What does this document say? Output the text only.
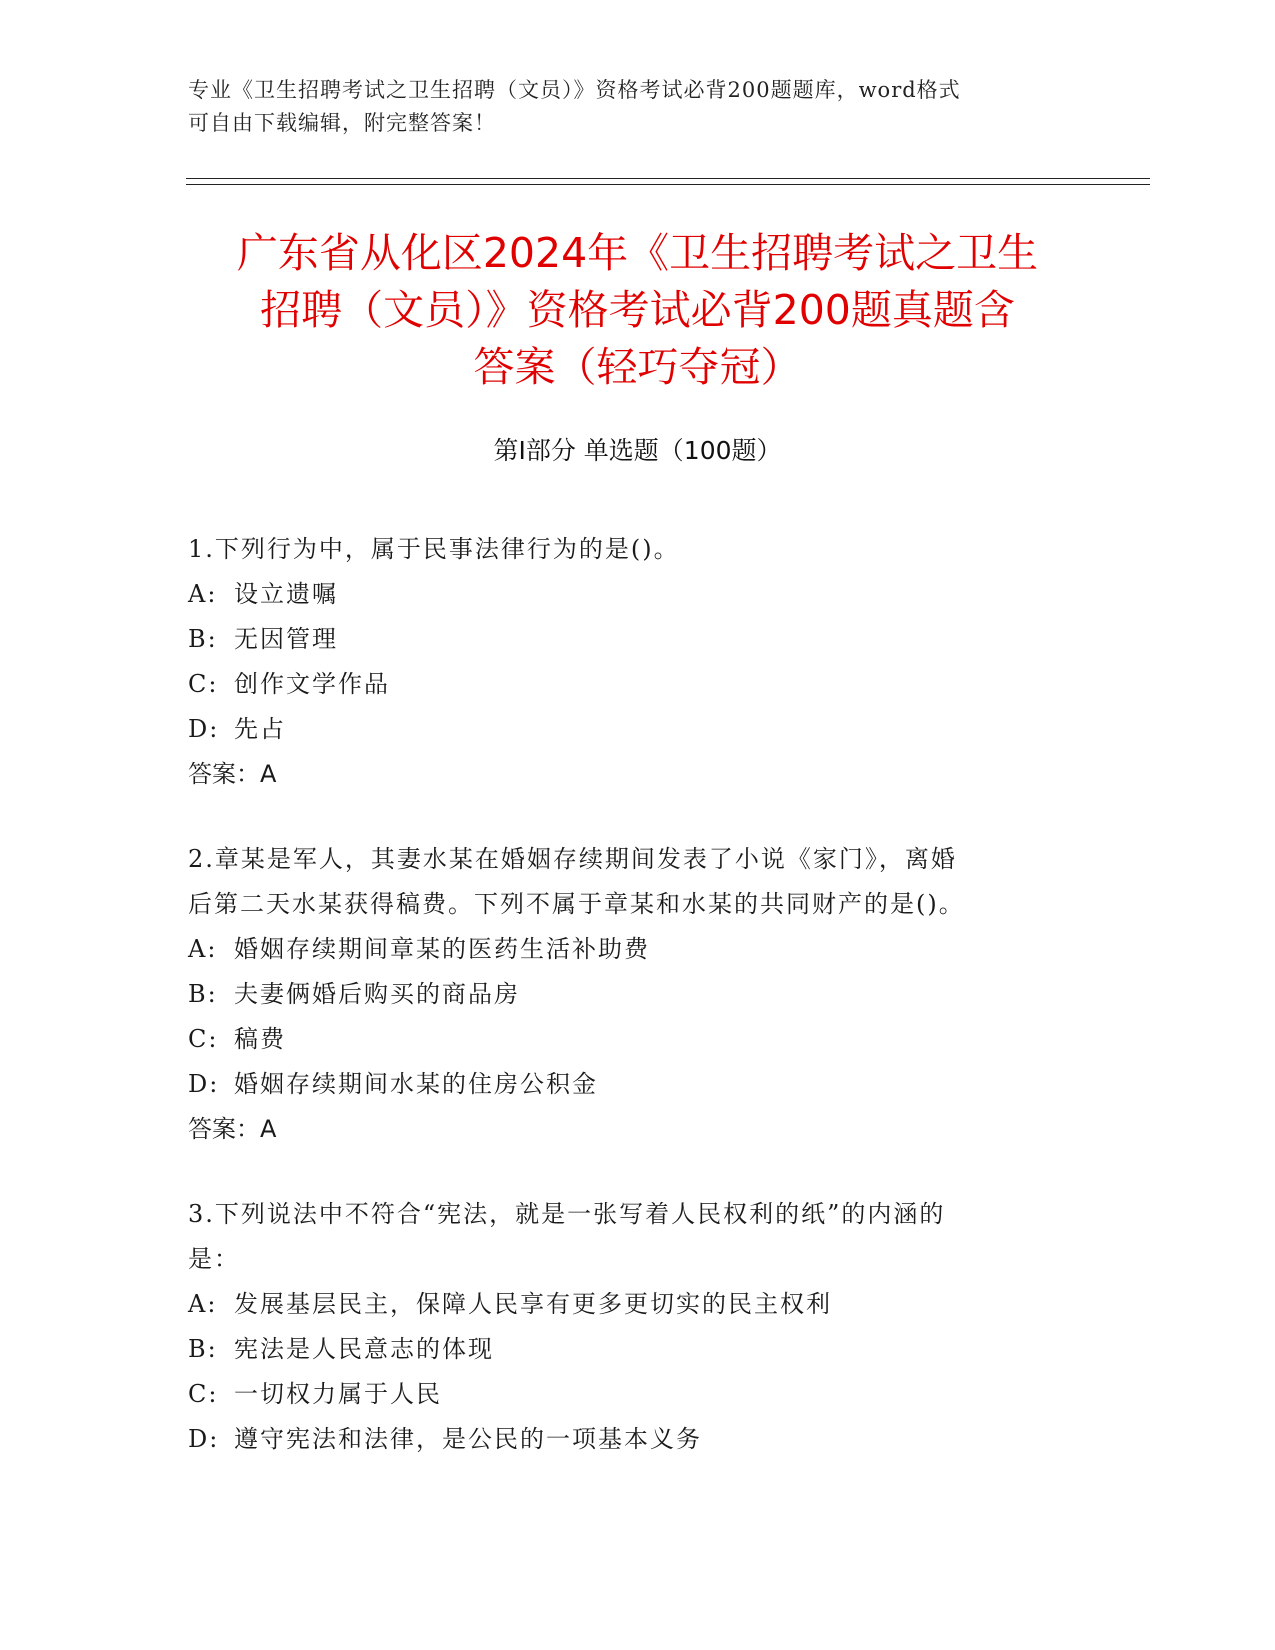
专业《卫生招聘考试之卫生招聘（文员）》资格考试必背200题题库，word格式
可自由下载编辑，附完整答案！
广东省从化区2024年《卫生招聘考试之卫生
招聘（文员）》资格考试必背200题真题含
答案（轻巧夺冠）
第Ⅰ部分 单选题（100题）

1.下列行为中，属于民事法律行为的是()。

A: 设立遗嘱

B: 无因管理

C: 创作文学作品

D: 先占

答案：A

2.章某是军人，其妻水某在婚姻存续期间发表了小说《家门》，离婚

后第二天水某获得稿费。下列不属于章某和水某的共同财产的是()。

A: 婚姻存续期间章某的医药生活补助费

B: 夫妻俩婚后购买的商品房

C: 稿费

D: 婚姻存续期间水某的住房公积金

答案：A

3.下列说法中不符合“宪法，就是一张写着人民权利的纸”的内涵的

是：

A: 发展基层民主，保障人民享有更多更切实的民主权利

B: 宪法是人民意志的体现

C: 一切权力属于人民

D: 遵守宪法和法律，是公民的一项基本义务
